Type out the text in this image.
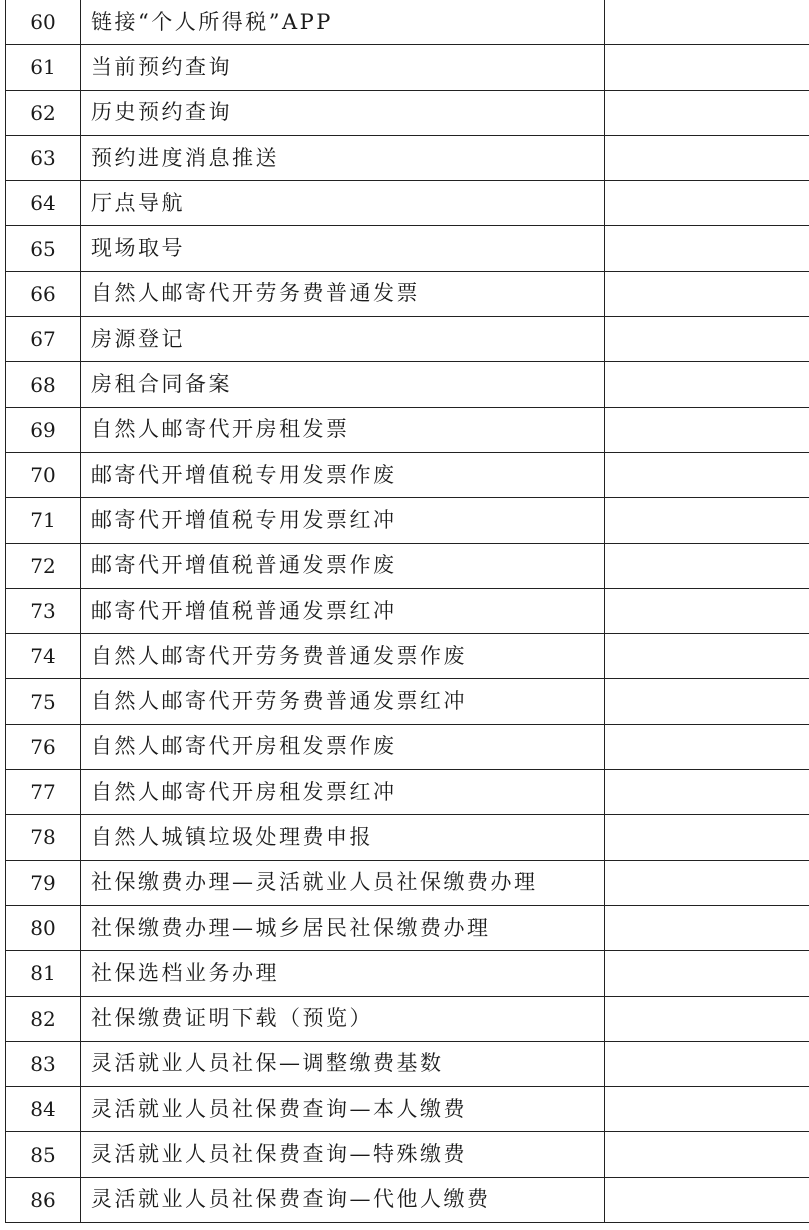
60	链接“个人所得税”APP	
61	当前预约查询	
62	历史预约查询	
63	预约进度消息推送	
64	厅点导航	
65	现场取号	
66	自然人邮寄代开劳务费普通发票	
67	房源登记	
68	房租合同备案	
69	自然人邮寄代开房租发票	
70	邮寄代开增值税专用发票作废	
71	邮寄代开增值税专用发票红冲	
72	邮寄代开增值税普通发票作废	
73	邮寄代开增值税普通发票红冲	
74	自然人邮寄代开劳务费普通发票作废	
75	自然人邮寄代开劳务费普通发票红冲	
76	自然人邮寄代开房租发票作废	
77	自然人邮寄代开房租发票红冲	
78	自然人城镇垃圾处理费申报	
79	社保缴费办理—灵活就业人员社保缴费办理	
80	社保缴费办理—城乡居民社保缴费办理	
81	社保选档业务办理	
82	社保缴费证明下载（预览）	
83	灵活就业人员社保—调整缴费基数	
84	灵活就业人员社保费查询—本人缴费	
85	灵活就业人员社保费查询—特殊缴费	
86	灵活就业人员社保费查询—代他人缴费	
